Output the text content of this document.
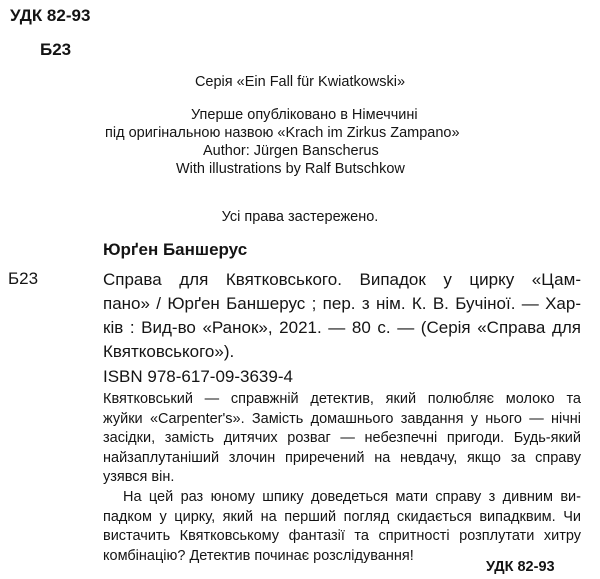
УДК 82-93
Б23
Серія «Ein Fall für Kwiatkowski»
Уперше опубліковано в Німеччині
під оригінальною назвою «Krach im Zirkus Zampano»
Author: Jürgen Banscherus
With illustrations by Ralf Butschkow
Усі права застережено.
Юрґен Баншерус
Б23	Справа для Квятковського. Випадок у цирку «Цам-
пано» / Юрґен Баншерус ; пер. з нім. К. В. Бучіної. — Хар-
ків : Вид-во «Ранок», 2021. — 80 с. — (Серія «Справа для
Квятковського»).
ISBN 978-617-09-3639-4
Квятковський — справжній детектив, який полюбляє молоко та
жуйки «Carpenter's». Замість домашнього завдання у нього — нічні
засідки, замість дитячих розваг — небезпечні пригоди. Будь-який
найзаплутаніший злочин приречений на невдачу, якщо за справу
узявся він.
На цей раз юному шпику доведеться мати справу з дивним ви-
падком у цирку, який на перший погляд скидається випадквим. Чи
вистачить Квятковському фантазії та спритності розплутати хитру
комбінацію? Детектив починає розслідування!
УДК 82-93
